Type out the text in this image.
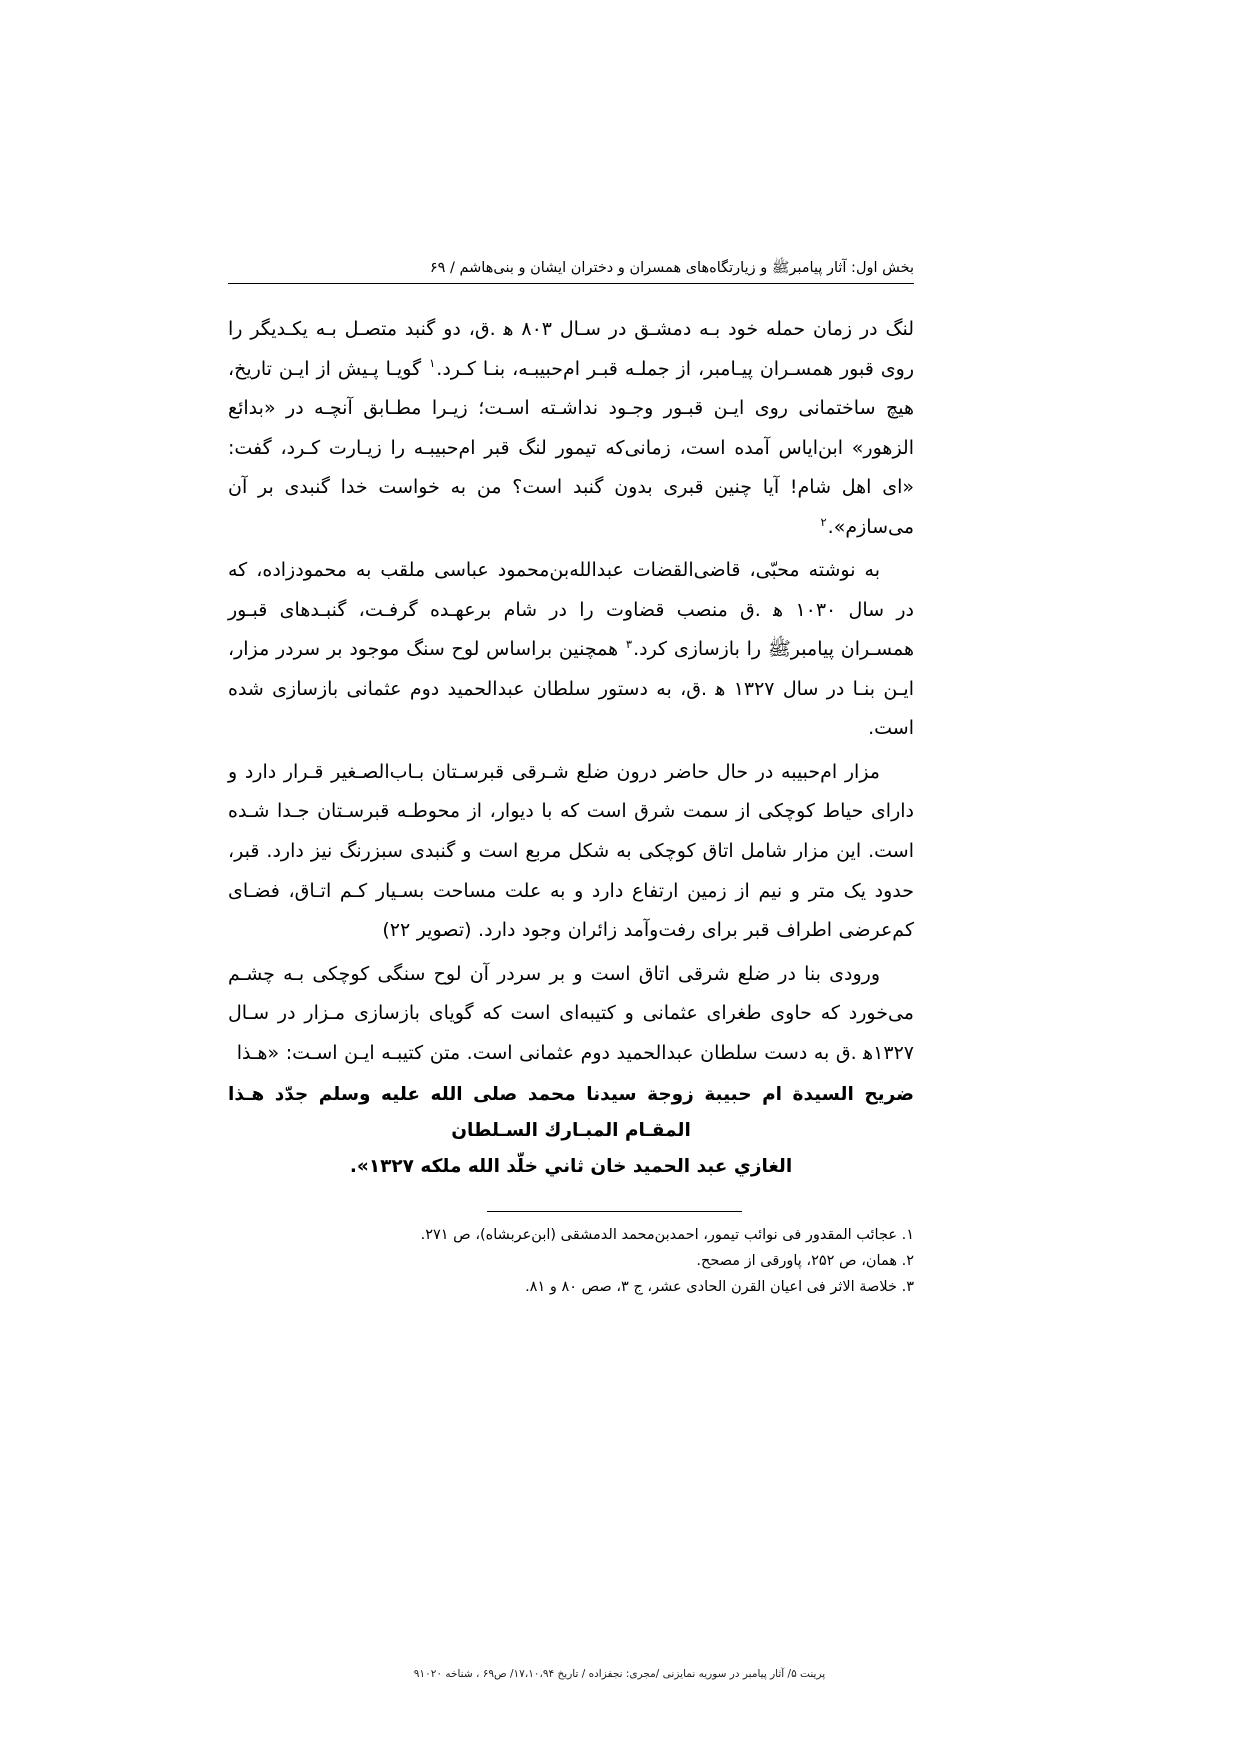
بخش اول: آثار پیامبرﷺ و زیارتگاه‌های همسران و دختران ایشان و بنی‌هاشم / ۶۹

لنگ در زمان حمله خود بـه دمشـق در سـال ۸۰۳ ه‍ .ق، دو گنبد متصـل بـه یکـدیگر را روی قبور همسـران پیـامبر، از جملـه قبـر ام‌حبیبـه، بنـا کـرد.$^۱$ گویـا پـیش از ایـن تاریخ، هیچ ساختمانی روی ایـن قبـور وجـود نداشـته اسـت؛ زیـرا مطـابق آنچـه در «بدائع الزهور» ابن‌ایاس آمده است، زمانی‌که تیمور لنگ قبر ام‌حبیبـه را زیـارت کـرد، گفت: «ای اهل شام! آیا چنین قبری بدون گنبد است؟ من به خواست خدا گنبدی بر آن می‌سازم».$^۲$

به نوشته محبّی، قاضی‌القضات عبدالله‌بن‌محمود عباسی ملقب به محمودزاده، که در سال ۱۰۳۰ ه‍ .ق منصب قضاوت را در شام برعهـده گرفـت، گنبـدهای قبـور همسـران پیامبرﷺ را بازسازی کرد.$^۳$ همچنین براساس لوح سنگ موجود بر سردر مزار، ایـن بنـا در سال ۱۳۲۷ ه‍ .ق، به دستور سلطان عبدالحمید دوم عثمانی بازسازی شده است.

مزار ام‌حبیبه در حال حاضر درون ضلع شـرقی قبرسـتان بـاب‌الصـغیر قـرار دارد و دارای حیاط کوچکی از سمت شرق است که با دیوار، از محوطـه قبرسـتان جـدا شـده است. این مزار شامل اتاق کوچکی به شکل مربع است و گنبدی سبزرنگ نیز دارد. قبر، حدود یک متر و نیم از زمین ارتفاع دارد و به علت مساحت بسـیار کـم اتـاق، فضـای کم‌عرضی اطراف قبر برای رفت‌وآمد زائران وجود دارد. (تصویر ۲۲)

ورودی بنا در ضلع شرقی اتاق است و بر سردر آن لوح سنگی کوچکی بـه چشـم می‌خورد که حاوی طغرای عثمانی و کتیبه‌ای است که گویای بازسازی مـزار در سـال ۱۳۲۷ه‍ .ق به دست سلطان عبدالحمید دوم عثمانی است. متن کتیبـه ایـن اسـت: «هـذا

ضريح السيدة ام حبيبة زوجة سيدنا محمد صلى الله عليه وسلم جدّد هـذا المقـام المبـارك السـلطان

الغازي عبد الحميد خان ثاني خلّد الله ملكه ۱۳۲۷».

۱. عجائب المقدور فی نوائب تیمور، احمدبن‌محمد الدمشقی (ابن‌عربشاه)، ص ۲۷۱.
۲. همان، ص ۲۵۲، پاورقی از مصحح.
۳. خلاصة الاثر فی اعیان القرن الحادی عشر، ج ۳، صص ۸۰ و ۸۱.
پرینت ۵/ آثار پیامبر در سوریه نمایزنی /مجری: نجفزاده / تاریخ ۱۷،۱۰،۹۴/ ص۶۹ ، شناخه ۹۱۰۲۰
